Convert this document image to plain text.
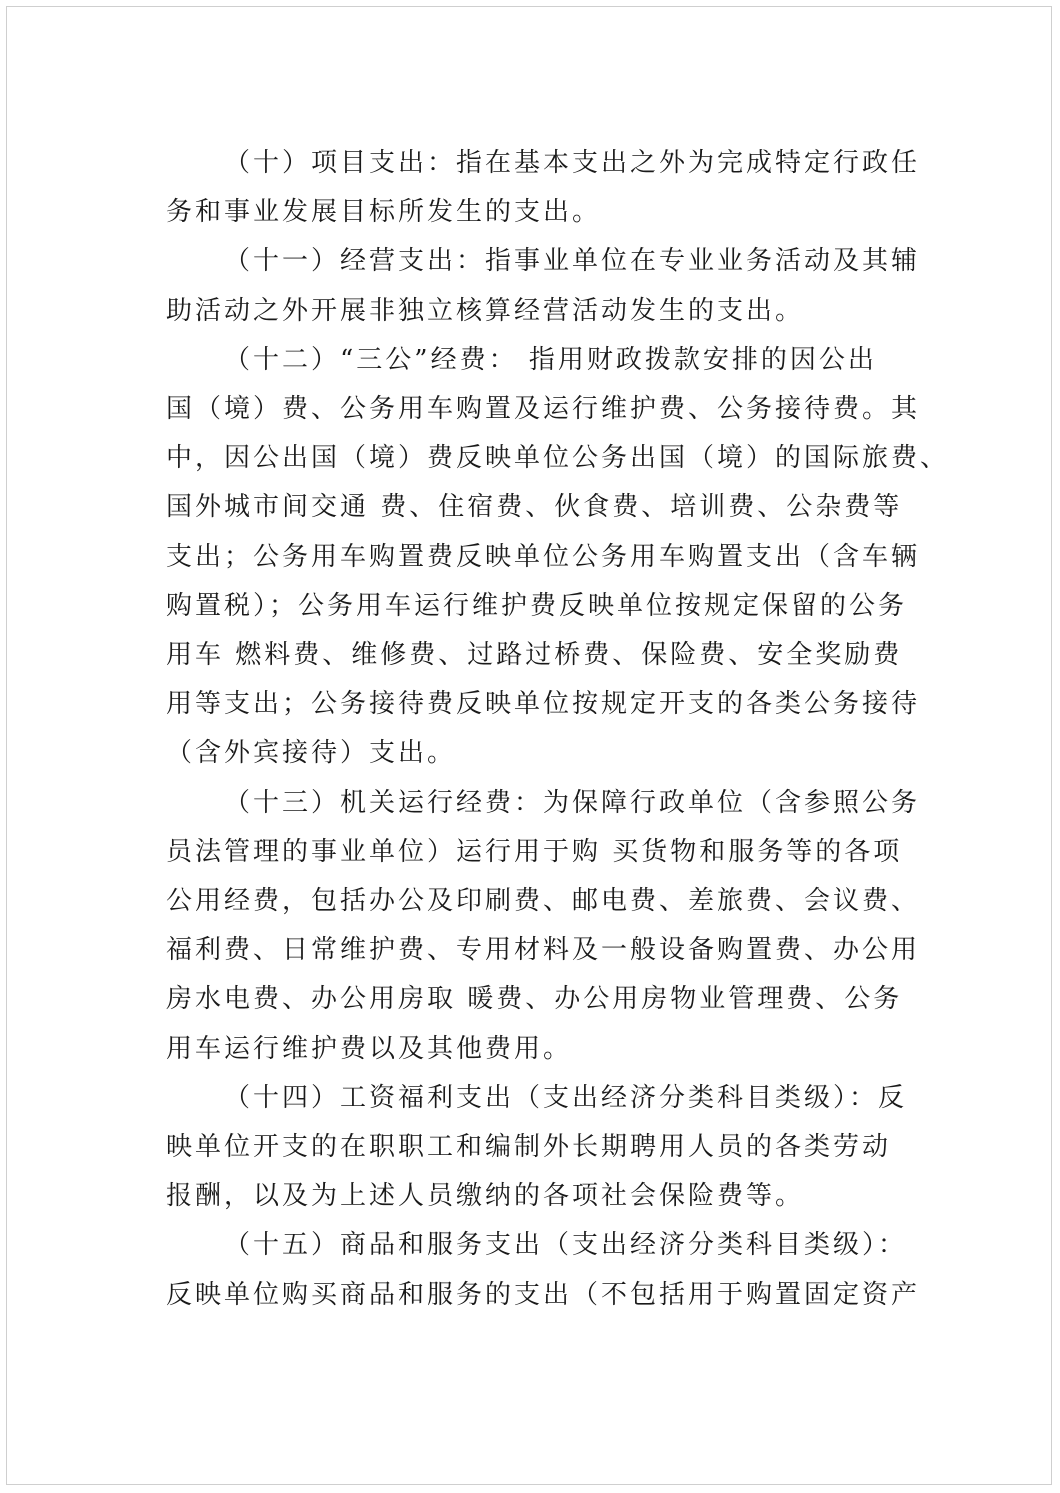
（十）项目支出：指在基本支出之外为完成特定行政任
务和事业发展目标所发生的支出。
（十一）经营支出：指事业单位在专业业务活动及其辅
助活动之外开展非独立核算经营活动发生的支出。
（十二）“三公”经费： 指用财政拨款安排的因公出
国（境）费、公务用车购置及运行维护费、公务接待费。其
中，因公出国（境）费反映单位公务出国（境）的国际旅费、
国外城市间交通 费、住宿费、伙食费、培训费、公杂费等
支出；公务用车购置费反映单位公务用车购置支出（含车辆
购置税）；公务用车运行维护费反映单位按规定保留的公务
用车 燃料费、维修费、过路过桥费、保险费、安全奖励费
用等支出；公务接待费反映单位按规定开支的各类公务接待
（含外宾接待）支出。
（十三）机关运行经费：为保障行政单位（含参照公务
员法管理的事业单位）运行用于购 买货物和服务等的各项
公用经费，包括办公及印刷费、邮电费、差旅费、会议费、
福利费、日常维护费、专用材料及一般设备购置费、办公用
房水电费、办公用房取 暖费、办公用房物业管理费、公务
用车运行维护费以及其他费用。
（十四）工资福利支出（支出经济分类科目类级）：反
映单位开支的在职职工和编制外长期聘用人员的各类劳动
报酬，以及为上述人员缴纳的各项社会保险费等。
（十五）商品和服务支出（支出经济分类科目类级）：
反映单位购买商品和服务的支出（不包括用于购置固定资产
